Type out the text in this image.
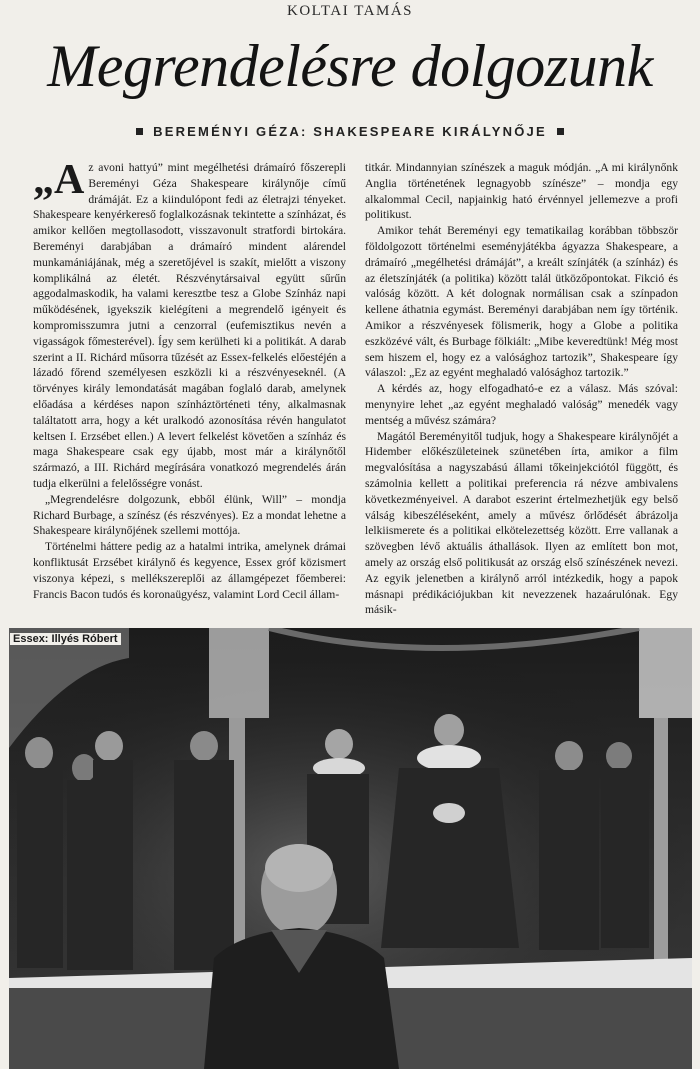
KOLTAI TAMÁS
Megrendelésre dolgozunk
BEREMÉNYI GÉZA: SHAKESPEARE KIRÁLYNŐJE

„Az avoni hattyú” mint megélhetési drámaíró főszerepli Bereményi Géza Shakespeare királynője című drámáját. Ez a kiindulópont fedi az életrajzi tényeket. Shakespeare kenyérkereső foglalkozásnak tekintette a színházat, és amikor kellően megtollasodott, visszavonult stratfordi birtokára. Bereményi darabjában a drámaíró mindent alárendel munkamániájának, még a szeretőjével is szakít, mielőtt a viszony komplikálná az életét. Részvénytársaival együtt sűrűn aggodalmaskodik, ha valami keresztbe tesz a Globe Színház napi működésének, igyekszik kielégíteni a megrendelő igényeit és kompromisszumra jutni a cenzorral (eufemisztikus nevén a vigasságok főmesterével). Így sem kerülheti ki a politikát. A darab szerint a II. Richárd műsorra tűzését az Essex-felkelés előestéjén a lázadó főrend személyesen eszközli ki a részvényeseknél. (A törvényes király lemondatását magában foglaló darab, amelynek előadása a kérdéses napon színháztörténeti tény, alkalmasnak találtatott arra, hogy a két uralkodó azonosítása révén hangulatot keltsen I. Erzsébet ellen.) A levert felkelést követően a színház és maga Shakespeare csak egy újabb, most már a királynőtől származó, a III. Richárd megírására vonatkozó megrendelés árán tudja elkerülni a felelősségre vonást.

„Megrendelésre dolgozunk, ebből élünk, Will” – mondja Richard Burbage, a színész (és részvényes). Ez a mondat lehetne a Shakespeare királynőjének szellemi mottója.

Történelmi háttere pedig az a hatalmi intrika, amelynek drámai konfliktusát Erzsébet királynő és kegyence, Essex gróf közismert viszonya képezi, s mellékszereplői az államgépezet főemberei: Francis Bacon tudós és koronaügyész, valamint Lord Cecil állam-

titkár. Mindannyian színészek a maguk módján. „A mi királynőnk Anglia történetének legnagyobb színésze” – mondja egy alkalommal Cecil, napjainkig ható érvénnyel jellemezve a profi politikust.

Amikor tehát Bereményi egy tematikailag korábban többször földolgozott történelmi eseményjátékba ágyazza Shakespeare, a drámaíró „megélhetési drámáját”, a kreált színjáték (a színház) és az életszínjáték (a politika) között talál ütközőpontokat. Fikció és valóság között. A két dolognak normálisan csak a színpadon kellene áthatnia egymást. Bereményi darabjában nem így történik. Amikor a részvényesek fölismerik, hogy a Globe a politika eszközévé vált, és Burbage fölkiált: „Mibe keveredtünk! Még most sem hiszem el, hogy ez a valósághoz tartozik”, Shakespeare így válaszol: „Ez az egyént meghaladó valósághoz tartozik.”

A kérdés az, hogy elfogadható-e ez a válasz. Más szóval: menynyire lehet „az egyént meghaladó valóság” menedék vagy mentség a művész számára?

Magától Bereményitől tudjuk, hogy a Shakespeare királynőjét a Hidember előkészületeinek szünetében írta, amikor a film megvalósítása a nagyszabású állami tőkeinjekciótól függött, és számolnia kellett a politikai preferencia rá nézve ambivalens következményeivel. A darabot eszerint értelmezhetjük egy belső válság kibeszéléseként, amely a művész őrlődését ábrázolja lelkiismerete és a politikai elkötelezettség között. Erre vallanak a szövegben lévő aktuális áthallások. Ilyen az említett bon mot, amely az ország első politikusát az ország első színészének nevezi. Az egyik jelenetben a királynő arról intézkedik, hogy a papok másnapi prédikációjukban kit nevezzenek hazaárulónak. Egy másik-

Essex: Illyés Róbert
